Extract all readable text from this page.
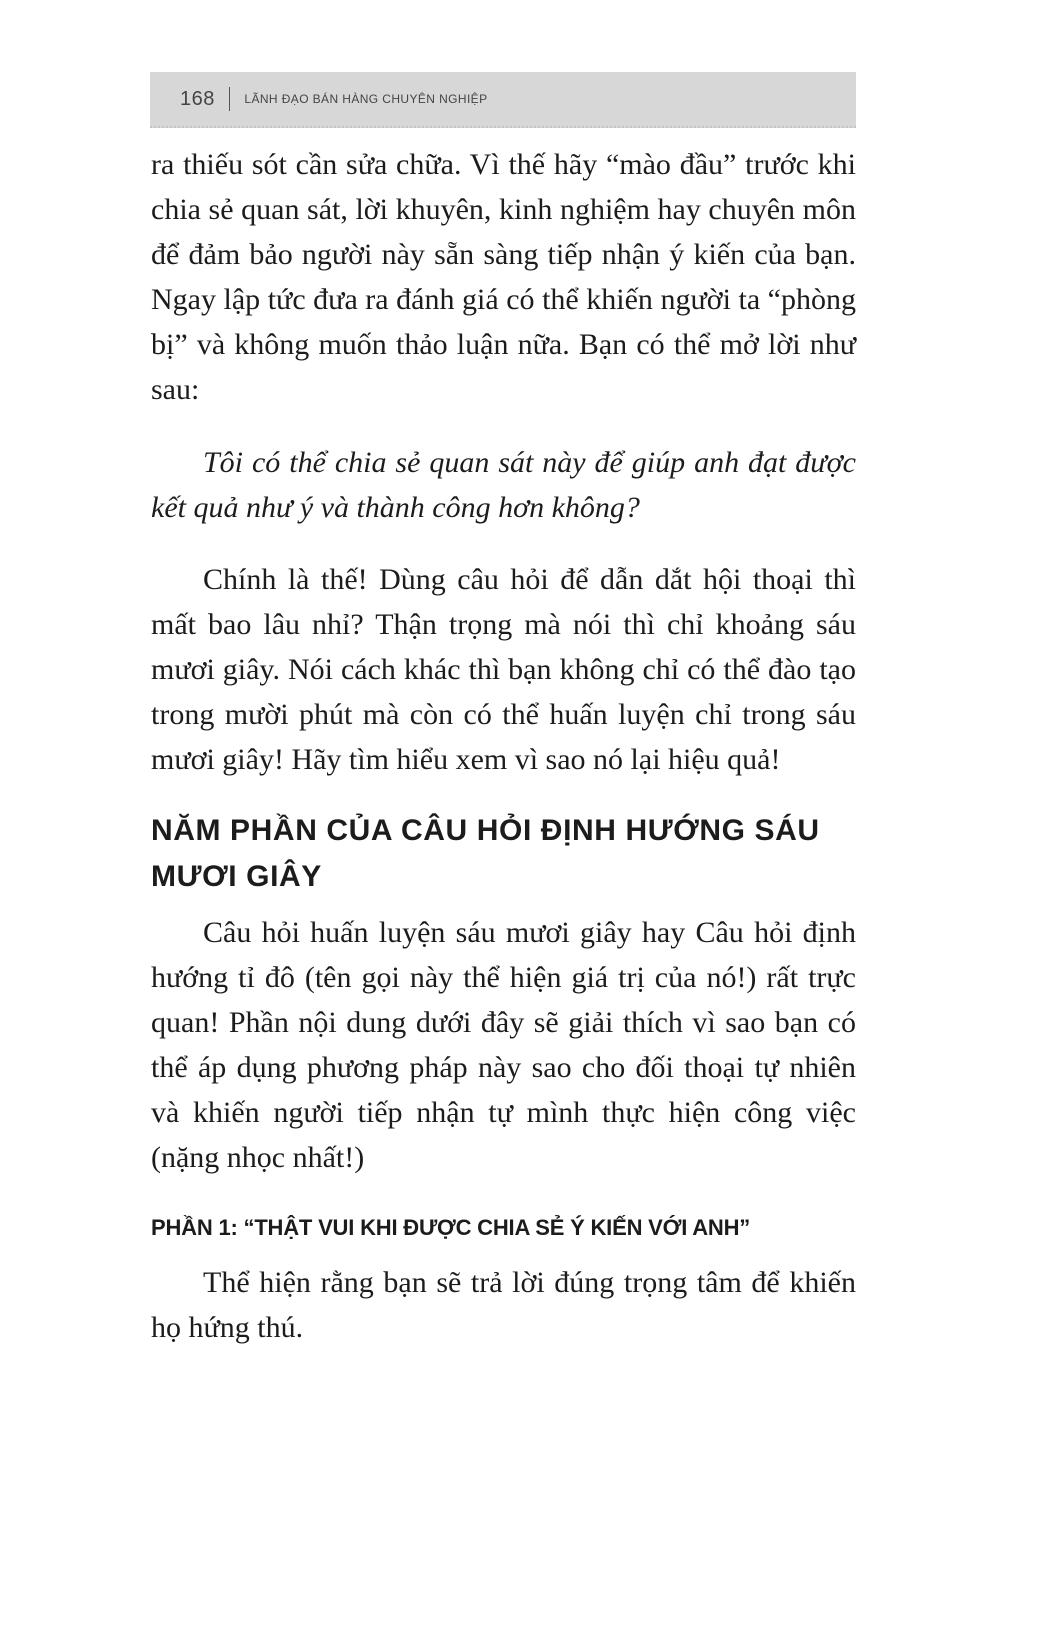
168 LÃNH ĐẠO BÁN HÀNG CHUYÊN NGHIỆP

ra thiếu sót cần sửa chữa. Vì thế hãy “mào đầu” trước khi chia sẻ quan sát, lời khuyên, kinh nghiệm hay chuyên môn để đảm bảo người này sẵn sàng tiếp nhận ý kiến của bạn. Ngay lập tức đưa ra đánh giá có thể khiến người ta “phòng bị” và không muốn thảo luận nữa. Bạn có thể mở lời như sau:

Tôi có thể chia sẻ quan sát này để giúp anh đạt được kết quả như ý và thành công hơn không?

Chính là thế! Dùng câu hỏi để dẫn dắt hội thoại thì mất bao lâu nhỉ? Thận trọng mà nói thì chỉ khoảng sáu mươi giây. Nói cách khác thì bạn không chỉ có thể đào tạo trong mười phút mà còn có thể huấn luyện chỉ trong sáu mươi giây! Hãy tìm hiểu xem vì sao nó lại hiệu quả!

NĂM PHẦN CỦA CÂU HỎI ĐỊNH HƯỚNG SÁU MƯƠI GIÂY

Câu hỏi huấn luyện sáu mươi giây hay Câu hỏi định hướng tỉ đô (tên gọi này thể hiện giá trị của nó!) rất trực quan! Phần nội dung dưới đây sẽ giải thích vì sao bạn có thể áp dụng phương pháp này sao cho đối thoại tự nhiên và khiến người tiếp nhận tự mình thực hiện công việc (nặng nhọc nhất!)

PHẦN 1: “THẬT VUI KHI ĐƯỢC CHIA SẺ Ý KIẾN VỚI ANH”

Thể hiện rằng bạn sẽ trả lời đúng trọng tâm để khiến họ hứng thú.
